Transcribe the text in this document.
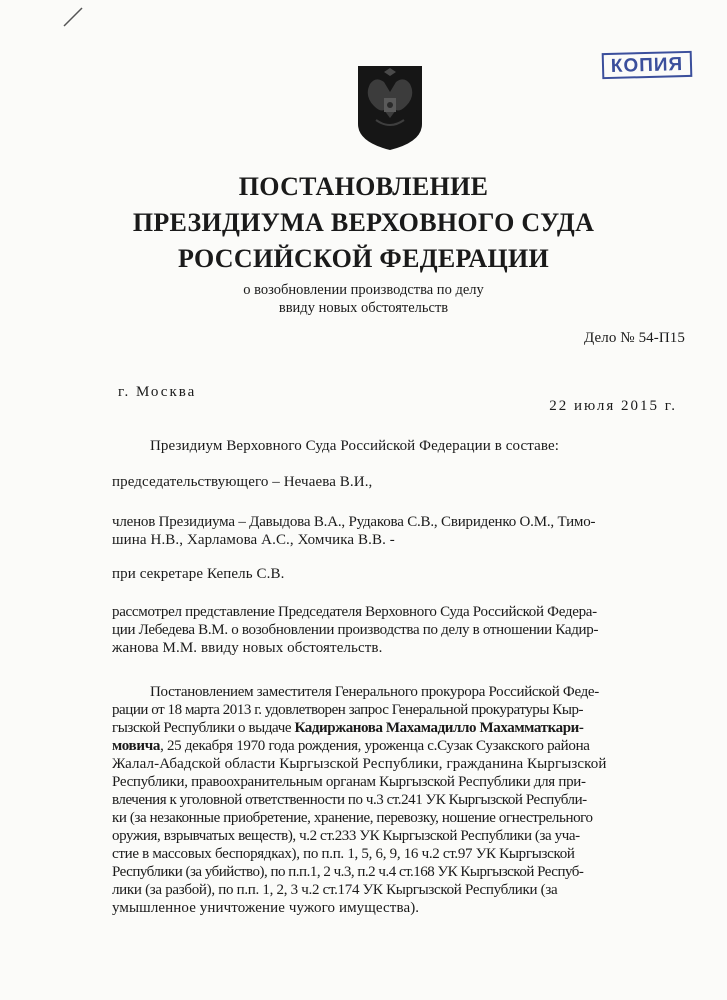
КОПИЯ
ПОСТАНОВЛЕНИЕ
ПРЕЗИДИУМА ВЕРХОВНОГО СУДА
РОССИЙСКОЙ ФЕДЕРАЦИИ
о возобновлении производства по делу
ввиду новых обстоятельств
Дело № 54-П15
г. Москва
22 июля 2015 г.
Президиум Верховного Суда Российской Федерации в составе:
председательствующего – Нечаева В.И.,
членов Президиума – Давыдова В.А., Рудакова С.В., Свириденко О.М., Тимо-
шина Н.В., Харламова А.С., Хомчика В.В. -
при секретаре Кепель С.В.
рассмотрел представление Председателя Верховного Суда Российской Федера-
ции Лебедева В.М. о возобновлении производства по делу в отношении Кадир-
жанова М.М. ввиду новых обстоятельств.
Постановлением заместителя Генерального прокурора Российской Феде-
рации от 18 марта 2013 г. удовлетворен запрос Генеральной прокуратуры Кыр-
гызской Республики о выдаче Кадиржанова Махамадилло Махамматкари-
мовича, 25 декабря 1970 года рождения, уроженца с.Сузак Сузакского района
Жалал-Абадской области Кыргызской Республики, гражданина Кыргызской
Республики, правоохранительным органам Кыргызской Республики для при-
влечения к уголовной ответственности по ч.3 ст.241 УК Кыргызской Республи-
ки (за незаконные приобретение, хранение, перевозку, ношение огнестрельного
оружия, взрывчатых веществ), ч.2 ст.233 УК Кыргызской Республики (за уча-
стие в массовых беспорядках), по п.п. 1, 5, 6, 9, 16 ч.2 ст.97 УК Кыргызской
Республики (за убийство), по п.п.1, 2 ч.3, п.2 ч.4 ст.168 УК Кыргызской Респуб-
лики (за разбой), по п.п. 1, 2, 3 ч.2 ст.174 УК Кыргызской Республики (за
умышленное уничтожение чужого имущества).
